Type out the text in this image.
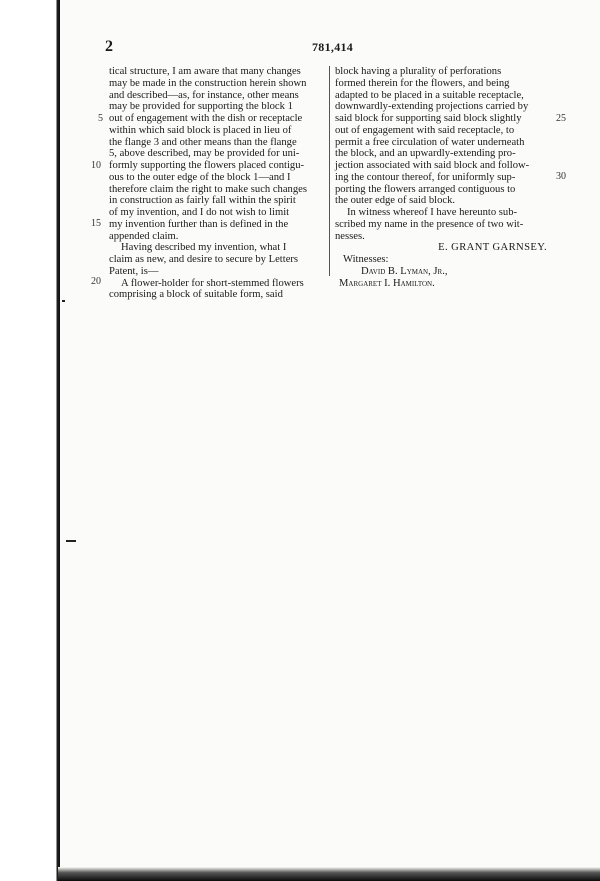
2	781,414
5
10
15
20
25
30

tical structure, I am aware that many changes

may be made in the construction herein shown

and described—as, for instance, other means

may be provided for supporting the block 1

out of engagement with the dish or receptacle

within which said block is placed in lieu of

the flange 3 and other means than the flange

5, above described, may be provided for uni-

formly supporting the flowers placed contigu-

ous to the outer edge of the block 1—and I

therefore claim the right to make such changes

in construction as fairly fall within the spirit

of my invention, and I do not wish to limit

my invention further than is defined in the

appended claim.

Having described my invention, what I

claim as new, and desire to secure by Letters

Patent, is—

A flower-holder for short-stemmed flowers

comprising a block of suitable form, said

block having a plurality of perforations

formed therein for the flowers, and being

adapted to be placed in a suitable receptacle,

downwardly-extending projections carried by

said block for supporting said block slightly

out of engagement with said receptacle, to

permit a free circulation of water underneath

the block, and an upwardly-extending pro-

jection associated with said block and follow-

ing the contour thereof, for uniformly sup-

porting the flowers arranged contiguous to

the outer edge of said block.

In witness whereof I have hereunto sub-

scribed my name in the presence of two wit-

nesses.

E. GRANT GARNSEY.

Witnesses:

David B. Lyman, Jr.,

Margaret I. Hamilton.
